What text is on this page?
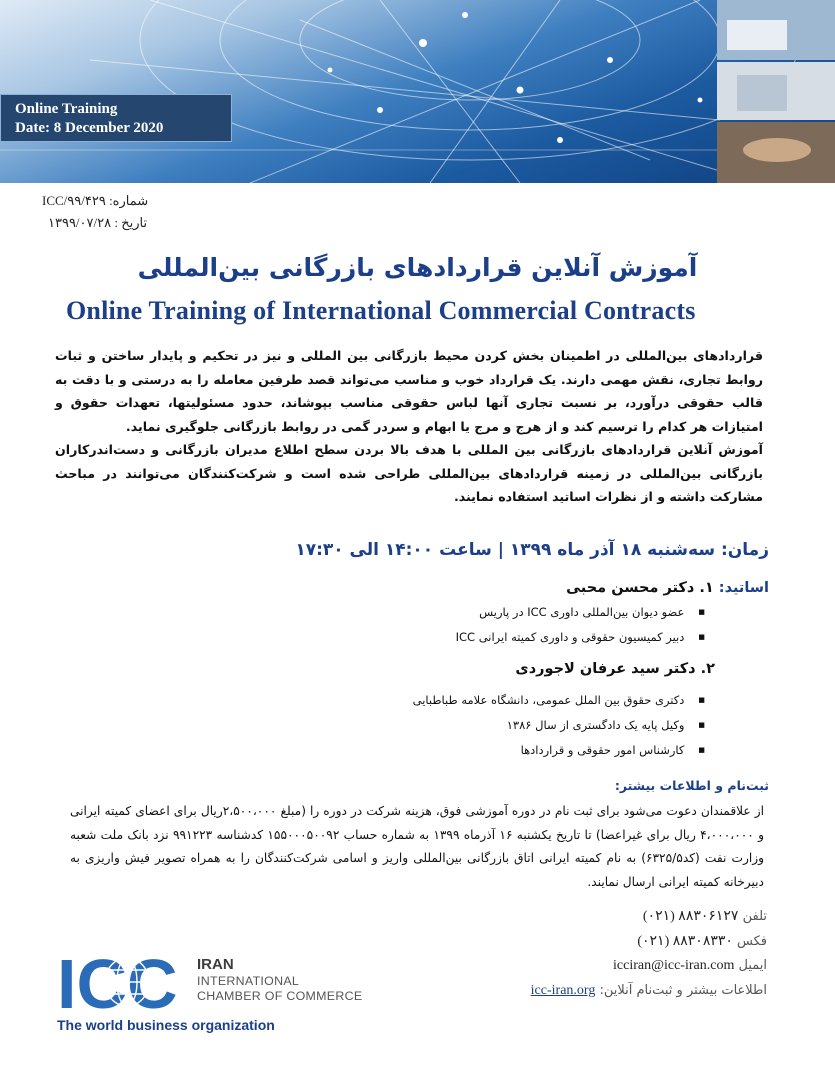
Online Training
Date: 8 December 2020
شماره: ICC/۹۹/۴۲۹
تاریخ : ۱۳۹۹/۰۷/۲۸
آموزش آنلاین قراردادهای بازرگانی بین‌المللی
Online Training of International Commercial Contracts
قراردادهای بین‌المللی در اطمینان بخش کردن محیط بازرگانی بین المللی و نیز در تحکیم و پایدار ساختن و ثبات روابط تجاری، نقش مهمی دارند. یک قرارداد خوب و مناسب می‌تواند قصد طرفین معامله را به درستی و با دقت به قالب حقوقی درآورد، بر نسبت تجاری آنها لباس حقوقی مناسب بپوشاند، حدود مسئولیتها، تعهدات حقوق و امتیازات هر کدام را ترسیم کند و از هرج و مرج یا ابهام و سردر گمی در روابط بازرگانی جلوگیری نماید.
آموزش آنلاین قراردادهای بازرگانی بین المللی با هدف بالا بردن سطح اطلاع مدیران بازرگانی و دست‌اندرکاران بازرگانی بین‌المللی در زمینه قراردادهای بین‌المللی طراحی شده است و شرکت‌کنندگان می‌توانند در مباحث مشارکت داشته و از نظرات اساتید استفاده نمایند.
زمان: سه‌شنبه ۱۸ آذر ماه ۱۳۹۹ | ساعت ۱۴:۰۰ الی ۱۷:۳۰
اساتید: ۱. دکتر محسن محبی
■ عضو دیوان بین‌المللی داوری ICC در پاریس
■ دبیر کمیسیون حقوقی و داوری کمیته ایرانی ICC
۲. دکتر سید عرفان لاجوردی
■ دکتری حقوق بین الملل عمومی، دانشگاه علامه طباطبایی
■ وکیل پایه یک دادگستری از سال ۱۳۸۶
■ کارشناس امور حقوقی و قراردادها
ثبت‌نام و اطلاعات بیشتر:
از علاقمندان دعوت می‌شود برای ثبت نام در دوره آموزشی فوق، هزینه شرکت در دوره را (مبلغ ۲،۵۰۰،۰۰۰ریال برای اعضای کمیته ایرانی و ۴،۰۰۰،۰۰۰ ریال برای غیراعضا) تا تاریخ یکشنبه ۱۶ آذرماه ۱۳۹۹ به شماره حساب ۱۵۵۰۰۰۵۰۰۹۲ کدشناسه ۹۹۱۲۲۳ نزد بانک ملت شعبه وزارت نفت (کد۶۳۲۵/۵) به نام کمیته ایرانی اتاق بازرگانی بین‌المللی واریز و اسامی شرکت‌کنندگان را به همراه تصویر فیش واریزی به دبیرخانه کمیته ایرانی ارسال نمایند.
تلفن ۸۸۳۰۶۱۲۷ (۰۲۱)
فکس ۸۸۳۰۸۳۳۰ (۰۲۱)
ایمیل icciran@icc-iran.com
اطلاعات بیشتر و ثبت‌نام آنلاین: icc-iran.org
ICC IRAN
INTERNATIONAL
CHAMBER OF COMMERCE
The world business organization
